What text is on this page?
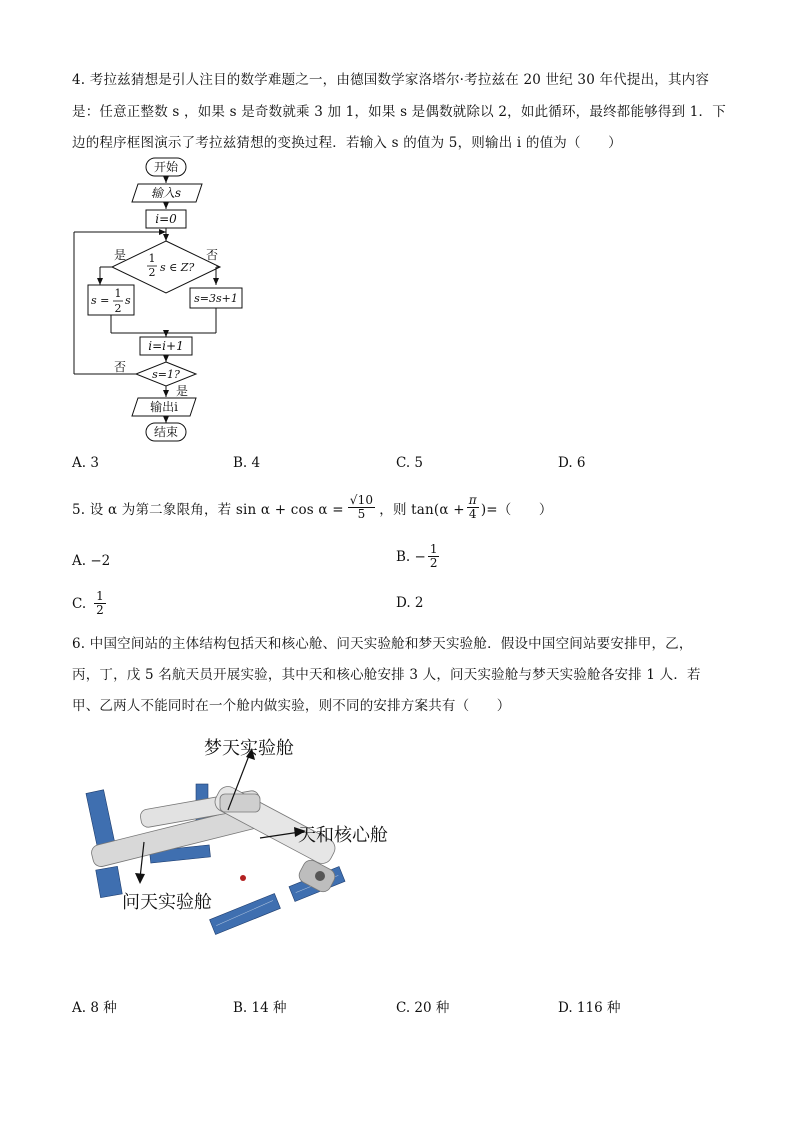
4. 考拉兹猜想是引人注目的数学难题之一，由德国数学家洛塔尔·考拉兹在 20 世纪 30 年代提出，其内容
是：任意正整数 s ，如果 s 是奇数就乘 3 加 1，如果 s 是偶数就除以 2，如此循环，最终都能够得到 1．下
边的程序框图演示了考拉兹猜想的变换过程．若输入 s 的值为 5，则输出 i 的值为（　　）
开始
输入s
i=0
1
2 s ∈ Z?
是	否
s =
1
2
s	s=3s+1
i=i+1
s=1?
否
是
输出i
结束
A. 3	B. 4	C. 5	D. 6
5. 设 α 为第二象限角，若 $\sin \alpha + \cos \alpha = \frac{√10}{5}$ ，则 $\tan(\alpha + \frac{\pi}{4}$ )=（　　）
A. −2	B. − $\frac{1}{2}$
C. $\frac{1}{2}$	D. 2
6. 中国空间站的主体结构包括天和核心舱、问天实验舱和梦天实验舱．假设中国空间站要安排甲，乙，
丙，丁，戊 5 名航天员开展实验，其中天和核心舱安排 3 人，问天实验舱与梦天实验舱各安排 1 人．若
甲、乙两人不能同时在一个舱内做实验，则不同的安排方案共有（　　）
梦天实验舱
天和核心舱
问天实验舱
A. 8 种	B. 14 种	C. 20 种	D. 116 种
